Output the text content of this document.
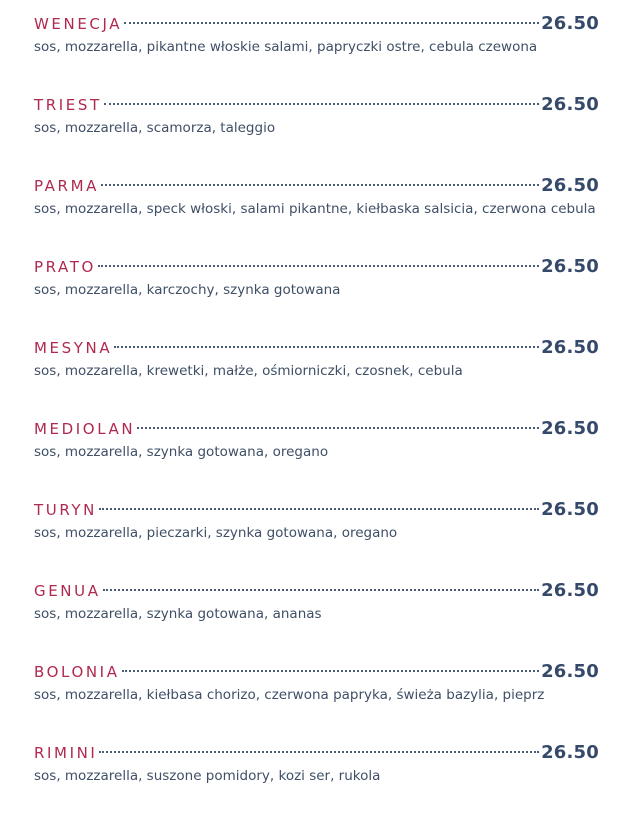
WENECJA	26.50
sos, mozzarella, pikantne włoskie salami, papryczki ostre, cebula czewona
TRIEST	26.50
sos, mozzarella, scamorza, taleggio
PARMA	26.50
sos, mozzarella, speck włoski, salami pikantne, kiełbaska salsicia, czerwona cebula
PRATO	26.50
sos, mozzarella, karczochy, szynka gotowana
MESYNA	26.50
sos, mozzarella, krewetki, małże, ośmiorniczki, czosnek, cebula
MEDIOLAN	26.50
sos, mozzarella, szynka gotowana, oregano
TURYN	26.50
sos, mozzarella, pieczarki, szynka gotowana, oregano
GENUA	26.50
sos, mozzarella, szynka gotowana, ananas
BOLONIA	26.50
sos, mozzarella, kiełbasa chorizo, czerwona papryka, świeża bazylia, pieprz
RIMINI	26.50
sos, mozzarella, suszone pomidory, kozi ser, rukola
